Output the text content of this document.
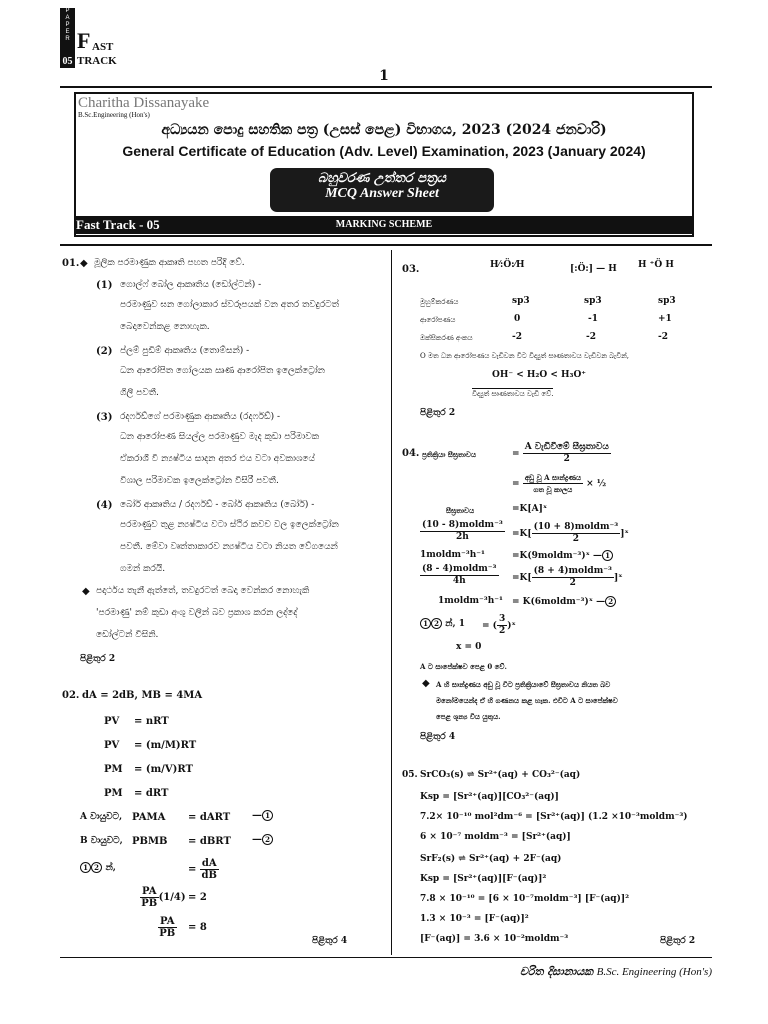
P
A
P
E
R
05
F AST
TRACK
1
Charitha Dissanayake
B.Sc.Engineering (Hon's)
අධ්‍යයන පොදු සහතික පත්‍ර (උසස් පෙළ) විභාගය, 2023 (2024 ජනවාරි)
General Certificate of Education (Adv. Level) Examination, 2023 (January 2024)
බහුවරණ උත්තර පත්‍රය
MCQ Answer Sheet
MARKING SCHEME
Fast Track - 05
01. ◆ මූලික පරමාණුක ආකෘති පහත පරිදි වේ.
(1) ගොල්ෆ් බෝල ආකෘතිය (ඩෝල්ටන්) -
පරමාණුව ඝන ගෝලාකාර ස්වරූපයක් වන අතර තවදුරටත්
බෙදාවෙන්කළ නොහැක.
(2) ප්ලම් පුඩිම් ආකෘතිය (තොම්සන්) -
ධන ආරෝපිත ගෝලයක ඍණ ආරෝපිත ඉලෙක්ට්‍රෝන
ගිලී පවතී.
(3) රදර්ෆඩ්ගේ පරමාණුක ආකෘතිය (රදර්ෆඩ්) -
ධන ආරෝපණ සියල්ල පරමාණුව මැද කුඩා පරිමාවක
ඒකරාශී වී න්‍යෂ්ටිය සාදන අතර එය වටා අවකාශයේ
විශාල පරිමාවක ඉලෙක්ට්‍රෝන විසිරී පවතී.
(4) බෝර් ආකෘතිය / රදර්ෆඩ් - බෝර් ආකෘතිය (බෝර්) -
පරමාණුව තුළ න්‍යෂ්ටිය වටා ස්ථිර කවච වල ඉලෙක්ට්‍රෝන
පවතී. මේවා වෘත්තාකාරව න්‍යෂ්ටිය වටා නියත වේගයෙන්
ගමන් කරයි.
◆ පදාර්ථය තැනී ඇත්තේ, තවදුරටත් බෙදා වෙන්කර නොහැකි
'පරමාණු' නම් කුඩා අංශු වලින් බව ප්‍රකාශ කරන ලද්දේ
ඩෝල්ටන් විසිනි.
පිළිතුර 2
02. dA = 2dB, MB = 4MA
PV = nRT
PV = (m/M)RT
PM = (m/V)RT
PM = dRT
A වායුවට, PAMA = dART — 1
B වායුවට, PBMB = dBRT — 2
1 2 න්,	= $\frac{dA}{dB}$
$\frac{PA}{PB} (1/4) = 2$
$\frac{PA}{PB} = 8$
පිළිතුර 4
03.	H⁄:Ö:⁄H	[:Ö:] — H H ⁺Ö H
මුහුම්කරණය	sp3	sp3	sp3
ආරෝපණය	0	-1	+1
ඔක්සිකරණ අංකය	-2	-2	-2
O මත ධන ආරෝපණය වැඩිවන විට විද්‍යුත් සෘණතාවය වැඩිවන බැවින්,
OH⁻ < H₂O < H₃O⁺
විද්‍යුත් සෘණතාවය වැඩි වේ.
පිළිතුර 2
04. ප්‍රතික්‍රියා සීඝ්‍රතාවය	= $\frac{\text{A වැඩිවීමේ සීඝ්‍රතාවය}}{2}$
= $\frac{\text{අඩු වූ A සාන්ද්‍රණය}}{\text{ගත වූ කාලය}}$ × ½
සීඝ්‍රතාවය	=K[A]ˣ
$\frac{\text{(10 - 8)moldm⁻³}}{2h} =K[ \frac{\text{(10 + 8)moldm⁻³}}{2}$ ]ˣ
1moldm⁻³h⁻¹	=K(9moldm⁻³)ˣ — 1
$\frac{\text{(8 - 4)moldm⁻³}}{4h} =K[ \frac{\text{(8 + 4)moldm⁻³}}{2}$ ]ˣ
1moldm⁻³h⁻¹ = K(6moldm⁻³)ˣ — 2
1 2 න්, 1 = ( $\frac{3}{2}$ )ˣ
x = 0
A ට සාපේක්ෂව පෙළ 0 වේ.
◆ A හි සාන්ද්‍රණය අඩු වූ විට ප්‍රතික්‍රියාවේ සීඝ්‍රතාවය නියත බව
මනෝමයෙන්ද ඒ හි ගණනය කළ හැක. එවිට A ට සාපේක්ෂව
පෙළ ශූන්‍ය විය යුතුය.
පිළිතුර 4
05. SrCO₃(s) ⇌ Sr²⁺(aq) + CO₃²⁻(aq)
Ksp = [Sr²⁺(aq)][CO₃²⁻(aq)]
7.2× 10⁻¹⁰ mol²dm⁻⁶ = [Sr²⁺(aq)] (1.2 ×10⁻³moldm⁻³)
6 × 10⁻⁷ moldm⁻³ = [Sr²⁺(aq)]
SrF₂(s) ⇌ Sr²⁺(aq) + 2F⁻(aq)
Ksp = [Sr²⁺(aq)][F⁻(aq)]²
7.8 × 10⁻¹⁰ = [6 × 10⁻⁷moldm⁻³] [F⁻(aq)]²
1.3 × 10⁻³ = [F⁻(aq)]²
[F⁻(aq)] = 3.6 × 10⁻²moldm⁻³	පිළිතුර 2
චරිත දිසානායක B.Sc. Engineering (Hon's)
